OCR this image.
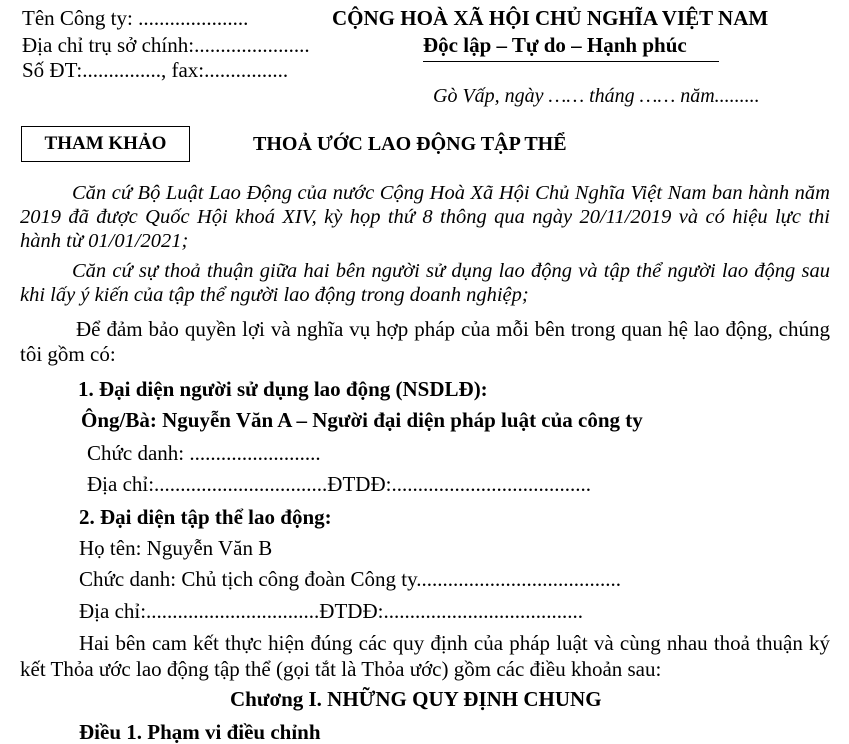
Tên Công ty: .....................
Địa chỉ trụ sở chính:......................
Số ĐT:..............., fax:................
CỘNG HOÀ XÃ HỘI CHỦ NGHĨA VIỆT NAM
Độc lập – Tự do – Hạnh phúc
Gò Vấp, ngày …… tháng …… năm.........
THAM KHẢO	THOẢ ƯỚC LAO ĐỘNG TẬP THỂ
Căn cứ Bộ Luật Lao Động của nước Cộng Hoà Xã Hội Chủ Nghĩa Việt Nam ban hành năm 2019 đã được Quốc Hội khoá XIV, kỳ họp thứ 8 thông qua ngày 20/11/2019 và có hiệu lực thi hành từ 01/01/2021;
Căn cứ sự thoả thuận giữa hai bên người sử dụng lao động và tập thể người lao động sau khi lấy ý kiến của tập thể người lao động trong doanh nghiệp;
Để đảm bảo quyền lợi và nghĩa vụ hợp pháp của mỗi bên trong quan hệ lao động, chúng tôi gồm có:
1. Đại diện người sử dụng lao động (NSDLĐ):
Ông/Bà: Nguyễn Văn A – Người đại diện pháp luật của công ty
Chức danh: .........................
Địa chỉ:.................................ĐTDĐ:......................................
2. Đại diện tập thể lao động:
Họ tên: Nguyễn Văn B
Chức danh: Chủ tịch công đoàn Công ty.......................................
Địa chỉ:.................................ĐTDĐ:......................................
Hai bên cam kết thực hiện đúng các quy định của pháp luật và cùng nhau thoả thuận ký kết Thỏa ước lao động tập thể (gọi tắt là Thỏa ước) gồm các điều khoản sau:
Chương I. NHỮNG QUY ĐỊNH CHUNG
Điều 1. Phạm vi điều chỉnh
